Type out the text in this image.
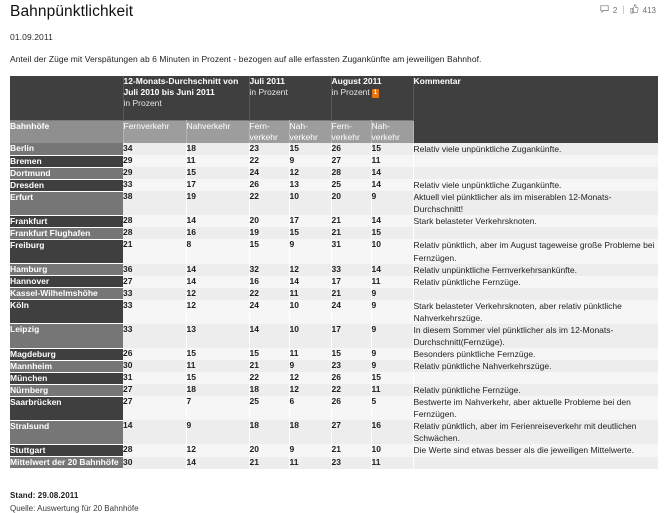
Bahnpünktlichkeit	2 | 413

01.09.2011

Anteil der Züge mit Verspätungen ab 6 Minuten in Prozent - bezogen auf alle erfassten Zugankünfte am jeweiligen Bahnhof.

	12-Monats-Durchschnitt von Juli 2010 bis Juni 2011
in Prozent		Juli 2011
in Prozent		August 2011
in Prozent 1		Kommentar
Bahnhöfe	Fernverkehr	Nahverkehr	Fern-verkehr	Nah-verkehr	Fern-verkehr	Nah-verkehr	
Berlin	34	18	23	15	26	15	Relativ viele unpünktliche Zugankünfte.
Bremen	29	11	22	9	27	11	
Dortmund	29	15	24	12	28	14	
Dresden	33	17	26	13	25	14	Relativ viele unpünktliche Zugankünfte.
Erfurt	38	19	22	10	20	9	Aktuell viel pünktlicher als im miserablen 12-Monats-Durchschnitt!
Frankfurt	28	14	20	17	21	14	Stark belasteter Verkehrsknoten.
Frankfurt Flughafen	28	16	19	15	21	15	
Freiburg	21	8	15	9	31	10	Relativ pünktlich, aber im August tageweise große Probleme bei Fernzügen.
Hamburg	36	14	32	12	33	14	Relativ unpünktliche Fernverkehrsankünfte.
Hannover	27	14	16	14	17	11	Relativ pünktliche Fernzüge.
Kassel-Wilhelmshöhe	33	12	22	11	21	9	
Köln	33	12	24	10	24	9	Stark belasteter Verkehrsknoten, aber relativ pünktliche Nahverkehrszüge.
Leipzig	33	13	14	10	17	9	In diesem Sommer viel pünktlicher als im 12-Monats-Durchschnitt(Fernzüge).
Magdeburg	26	15	15	11	15	9	Besonders pünktliche Fernzüge.
Mannheim	30	11	21	9	23	9	Relativ pünktliche Nahverkehrszüge.
München	31	15	22	12	26	15	
Nürnberg	27	18	18	12	22	11	Relativ pünktliche Fernzüge.
Saarbrücken	27	7	25	6	26	5	Bestwerte im Nahverkehr, aber aktuelle Probleme bei den Fernzügen.
Stralsund	14	9	18	18	27	16	Relativ pünktlich, aber im Ferienreiseverkehr mit deutlichen Schwächen.
Stuttgart	28	12	20	9	21	10	Die Werte sind etwas besser als die jeweiligen Mittelwerte.
Mittelwert der 20 Bahnhöfe	30	14	21	11	23	11	

Stand: 29.08.2011

Quelle: Auswertung für 20 Bahnhöfe
